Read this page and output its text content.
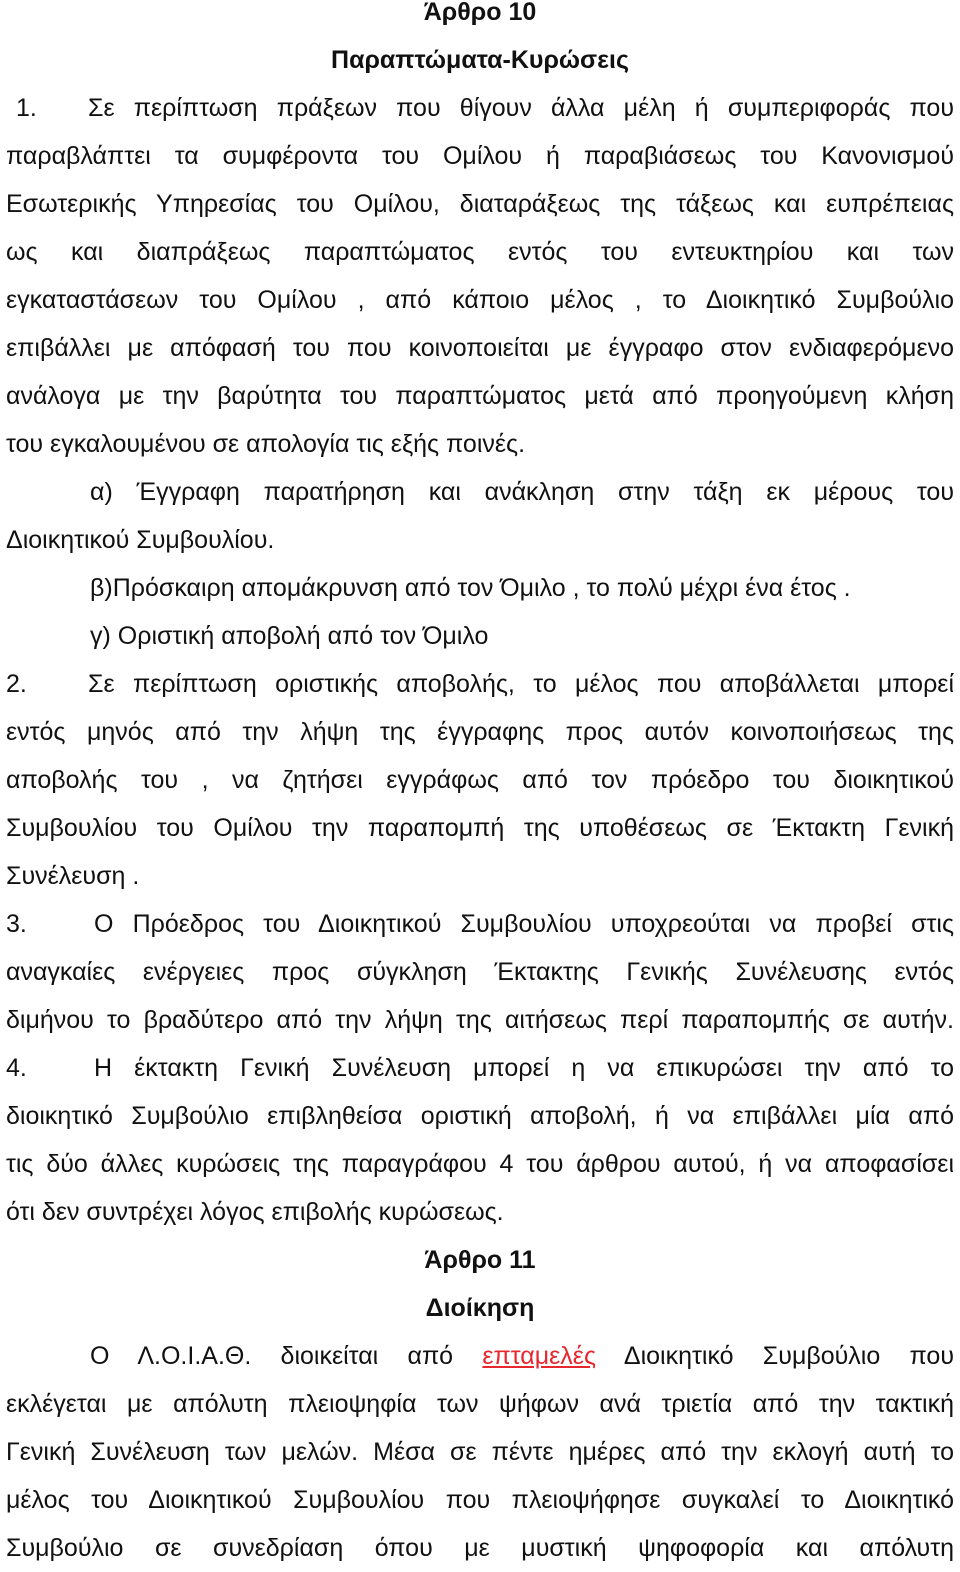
Άρθρο 10
Παραπτώματα-Κυρώσεις
1. Σε περίπτωση πράξεων που θίγουν άλλα μέλη ή συμπεριφοράς που
παραβλάπτει τα συμφέροντα του Ομίλου ή παραβιάσεως του Κανονισμού
Εσωτερικής Υπηρεσίας του Ομίλου, διαταράξεως της τάξεως και ευπρέπειας
ως και διαπράξεως παραπτώματος εντός του εντευκτηρίου και των
εγκαταστάσεων του Ομίλου , από κάποιο μέλος , το Διοικητικό Συμβούλιο
επιβάλλει με απόφασή του που κοινοποιείται με έγγραφο στον ενδιαφερόμενο
ανάλογα με την βαρύτητα του παραπτώματος μετά από προηγούμενη κλήση
του εγκαλουμένου σε απολογία τις εξής ποινές.
α) Έγγραφη παρατήρηση και ανάκληση στην τάξη εκ μέρους του
Διοικητικού Συμβουλίου.
β)Πρόσκαιρη απομάκρυνση από τον Όμιλο , το πολύ μέχρι ένα έτος .
γ) Οριστική αποβολή από τον Όμιλο
2. Σε περίπτωση οριστικής αποβολής, το μέλος που αποβάλλεται μπορεί
εντός μηνός από την λήψη της έγγραφης προς αυτόν κοινοποιήσεως της
αποβολής του , να ζητήσει εγγράφως από τον πρόεδρο του διοικητικού
Συμβουλίου του Ομίλου την παραπομπή της υποθέσεως σε Έκτακτη Γενική
Συνέλευση .
3.	Ο Πρόεδρος του Διοικητικού Συμβουλίου υποχρεούται να προβεί στις
αναγκαίες ενέργειες προς σύγκληση Έκτακτης Γενικής Συνέλευσης εντός
διμήνου το βραδύτερο από την λήψη της αιτήσεως περί παραπομπής σε αυτήν.
4.	Η έκτακτη Γενική Συνέλευση μπορεί η να επικυρώσει την από το
διοικητικό Συμβούλιο επιβληθείσα οριστική αποβολή, ή να επιβάλλει μία από
τις δύο άλλες κυρώσεις της παραγράφου 4 του άρθρου αυτού, ή να αποφασίσει
ότι δεν συντρέχει λόγος επιβολής κυρώσεως.
Άρθρο 11
Διοίκηση
Ο Λ.Ο.Ι.Α.Θ. διοικείται από επταμελές Διοικητικό Συμβούλιο που
εκλέγεται με απόλυτη πλειοψηφία των ψήφων ανά τριετία από την τακτική
Γενική Συνέλευση των μελών. Μέσα σε πέντε ημέρες από την εκλογή αυτή το
μέλος του Διοικητικού Συμβουλίου που πλειοψήφησε συγκαλεί το Διοικητικό
Συμβούλιο σε συνεδρίαση όπου με μυστική ψηφοφορία και απόλυτη
